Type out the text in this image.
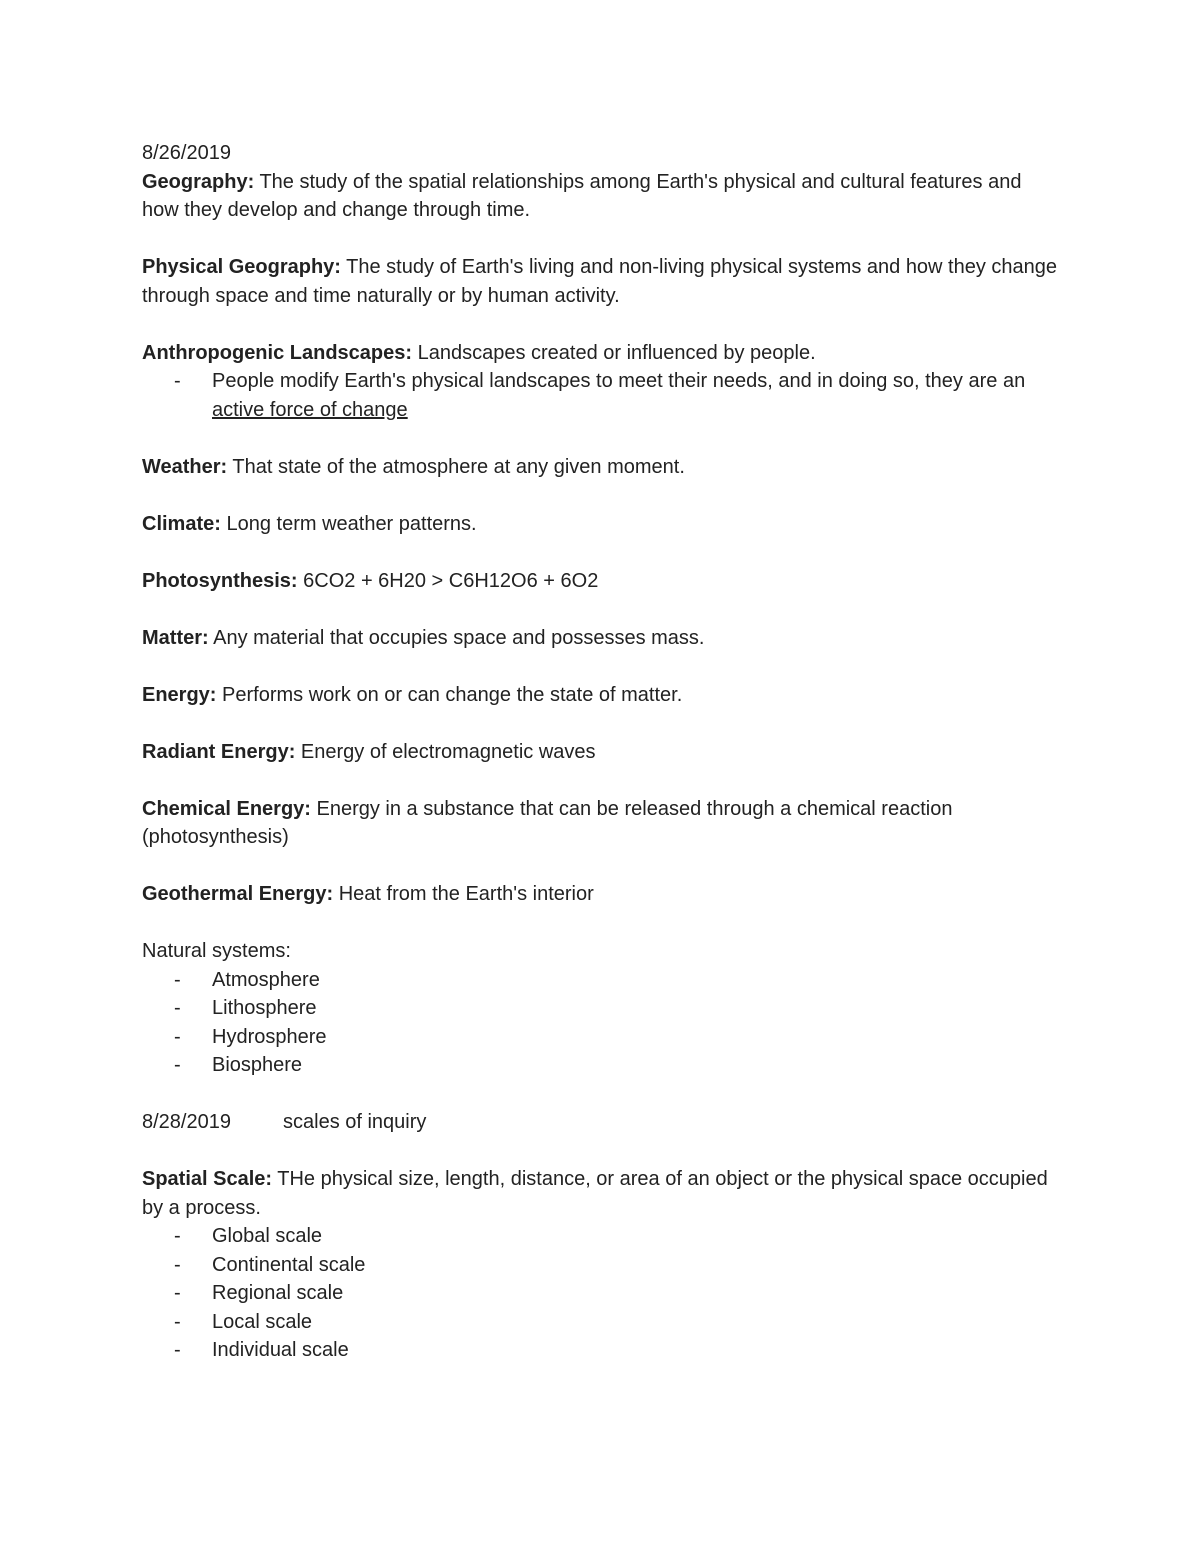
8/26/2019

Geography: The study of the spatial relationships among Earth's physical and cultural features and how they develop and change through time.

Physical Geography: The study of Earth's living and non-living physical systems and how they change through space and time naturally or by human activity.

Anthropogenic Landscapes: Landscapes created or influenced by people.

- People modify Earth's physical landscapes to meet their needs, and in doing so, they are an active force of change

Weather: That state of the atmosphere at any given moment.

Climate: Long term weather patterns.

Photosynthesis: 6CO2 + 6H20 > C6H12O6 + 6O2

Matter: Any material that occupies space and possesses mass.

Energy: Performs work on or can change the state of matter.

Radiant Energy: Energy of electromagnetic waves

Chemical Energy: Energy in a substance that can be released through a chemical reaction (photosynthesis)

Geothermal Energy: Heat from the Earth's interior

Natural systems:

- Atmosphere
- Lithosphere
- Hydrosphere
- Biosphere

8/28/2019	scales of inquiry

Spatial Scale: THe physical size, length, distance, or area of an object or the physical space occupied by a process.

- Global scale
- Continental scale
- Regional scale
- Local scale
- Individual scale
